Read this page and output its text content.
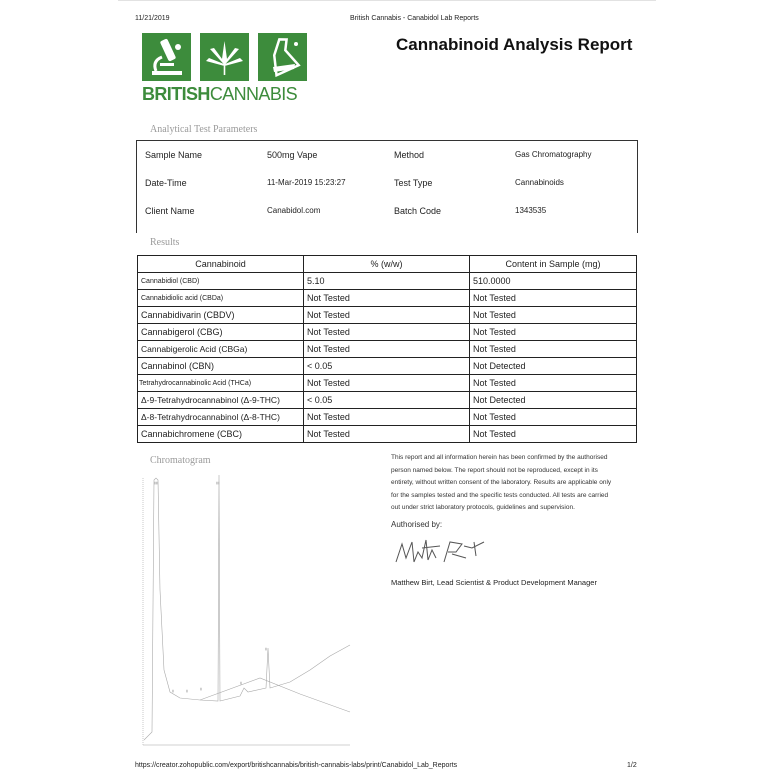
11/21/2019	British Cannabis - Canabidol Lab Reports
BRITISHCANNABIS
Cannabinoid Analysis Report
Analytical Test Parameters
Sample Name	500mg Vape	Method	Gas Chromatography
Date-Time	11-Mar-2019 15:23:27	Test Type	Cannabinoids
Client Name	Canabidol.com	Batch Code	1343535
Results
Cannabinoid	% (w/w)	Content in Sample (mg)
Cannabidiol (CBD)	5.10	510.0000
Cannabidiolic acid (CBDa)	Not Tested	Not Tested
Cannabidivarin (CBDV)	Not Tested	Not Tested
Cannabigerol (CBG)	Not Tested	Not Tested
Cannabigerolic Acid (CBGa)	Not Tested	Not Tested
Cannabinol (CBN)	< 0.05	Not Detected
Tetrahydrocannabinolic Acid (THCa)	Not Tested	Not Tested
Δ-9-Tetrahydrocannabinol (Δ-9-THC)	< 0.05	Not Detected
Δ-8-Tetrahydrocannabinol (Δ-8-THC)	Not Tested	Not Tested
Cannabichromene (CBC)	Not Tested	Not Tested
Chromatogram
▮▮	▮▮
▮	▮	▮
▮
▮
This report and all information herein has been confirmed by the authorised
person named below. The report should not be reproduced, except in its
entirety, without written consent of the laboratory. Results are applicable only
for the samples tested and the specific tests conducted. All tests are carried
out under strict laboratory protocols, guidelines and supervision.
Authorised by:
Matthew Birt, Lead Scientist & Product Development Manager
https://creator.zohopublic.com/export/britishcannabis/british-cannabis-labs/print/Canabidol_Lab_Reports	1/2
